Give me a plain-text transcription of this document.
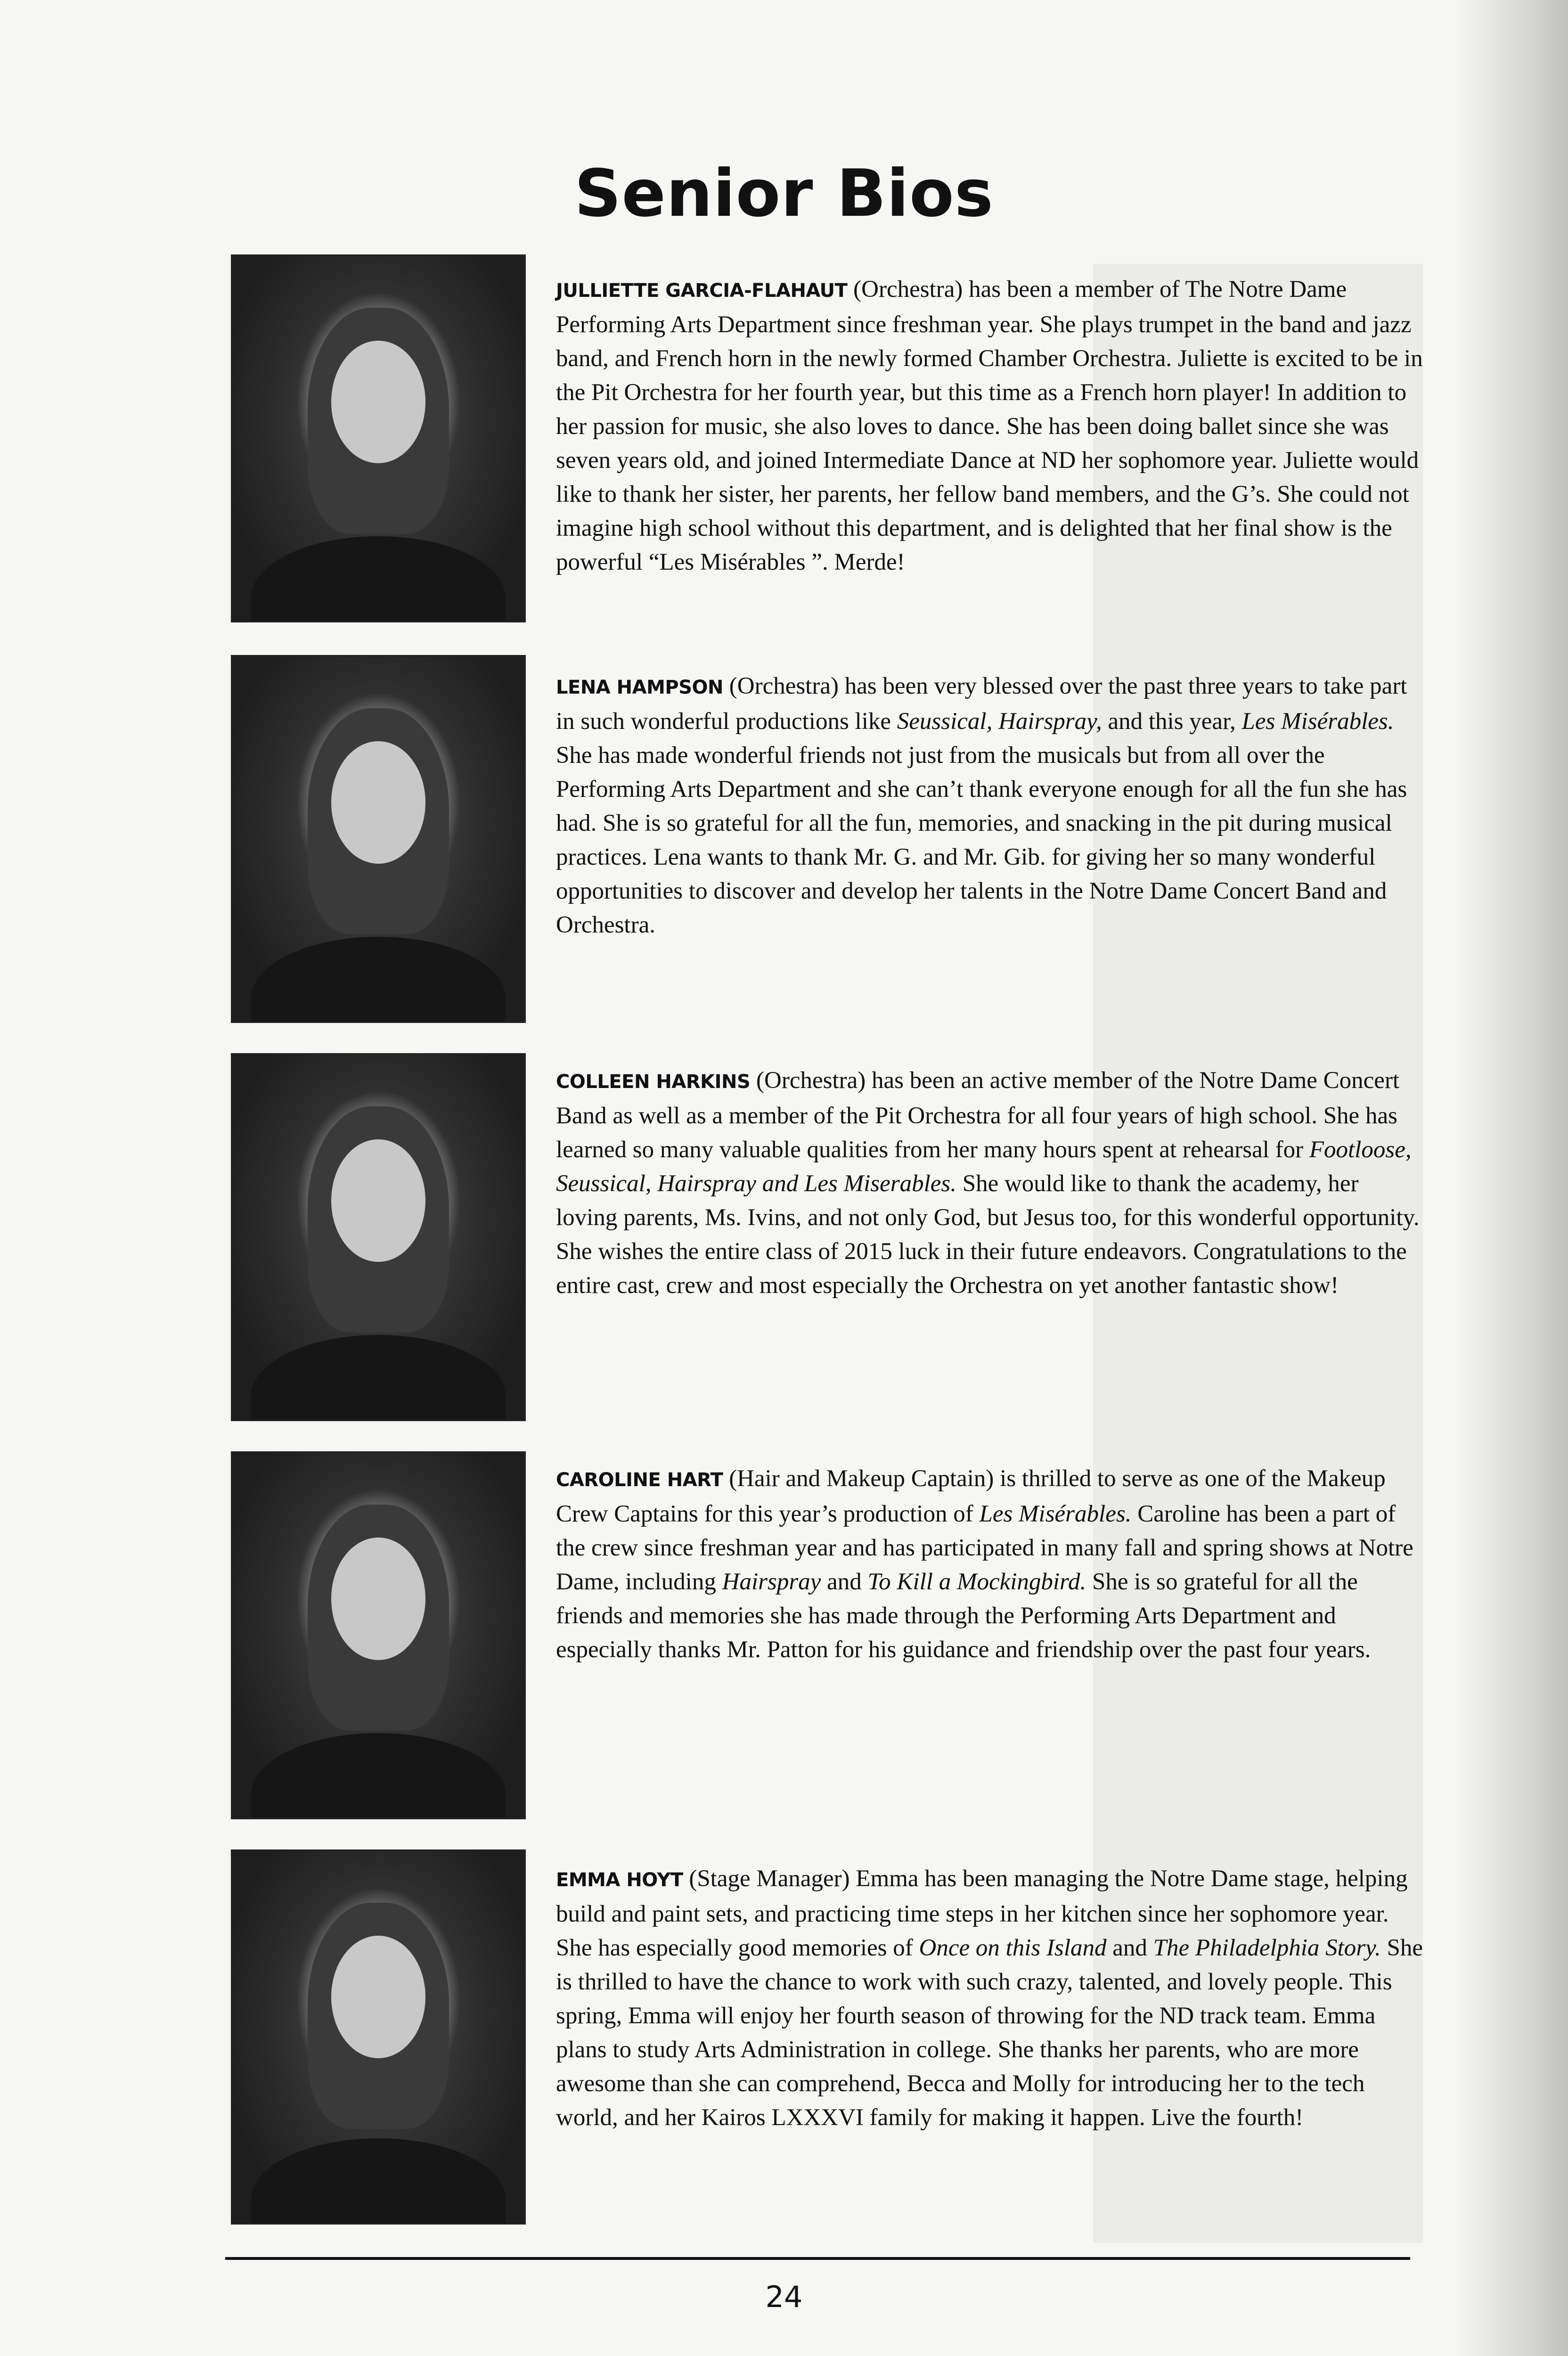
Senior Bios
JULLIETTE GARCIA-FLAHAUT (Orchestra) has been a member of The Notre Dame Performing Arts Department since freshman year. She plays trumpet in the band and jazz band, and French horn in the newly formed Chamber Orchestra. Juliette is excited to be in the Pit Orchestra for her fourth year, but this time as a French horn player! In addition to her passion for music, she also loves to dance. She has been doing ballet since she was seven years old, and joined Intermediate Dance at ND her sophomore year. Juliette would like to thank her sister, her parents, her fellow band members, and the G’s. She could not imagine high school without this department, and is delighted that her final show is the powerful “Les Misérables ”. Merde!
LENA HAMPSON (Orchestra) has been very blessed over the past three years to take part in such wonderful productions like Seussical, Hairspray, and this year, Les Misérables. She has made wonderful friends not just from the musicals but from all over the Performing Arts Department and she can’t thank everyone enough for all the fun she has had. She is so grateful for all the fun, memories, and snacking in the pit during musical practices. Lena wants to thank Mr. G. and Mr. Gib. for giving her so many wonderful opportunities to discover and develop her talents in the Notre Dame Concert Band and Orchestra.
COLLEEN HARKINS (Orchestra) has been an active member of the Notre Dame Concert Band as well as a member of the Pit Orchestra for all four years of high school. She has learned so many valuable qualities from her many hours spent at rehearsal for Footloose, Seussical, Hairspray and Les Miserables. She would like to thank the academy, her loving parents, Ms. Ivins, and not only God, but Jesus too, for this wonderful opportunity. She wishes the entire class of 2015 luck in their future endeavors. Congratulations to the entire cast, crew and most especially the Orchestra on yet another fantastic show!
CAROLINE HART (Hair and Makeup Captain) is thrilled to serve as one of the Makeup Crew Captains for this year’s production of Les Misérables. Caroline has been a part of the crew since freshman year and has participated in many fall and spring shows at Notre Dame, including Hairspray and To Kill a Mockingbird. She is so grateful for all the friends and memories she has made through the Performing Arts Department and especially thanks Mr. Patton for his guidance and friendship over the past four years.
EMMA HOYT (Stage Manager) Emma has been managing the Notre Dame stage, helping build and paint sets, and practicing time steps in her kitchen since her sophomore year. She has especially good memories of Once on this Island and The Philadelphia Story. She is thrilled to have the chance to work with such crazy, talented, and lovely people. This spring, Emma will enjoy her fourth season of throwing for the ND track team. Emma plans to study Arts Administration in college. She thanks her parents, who are more awesome than she can comprehend, Becca and Molly for introducing her to the tech world, and her Kairos LXXXVI family for making it happen. Live the fourth!
24
